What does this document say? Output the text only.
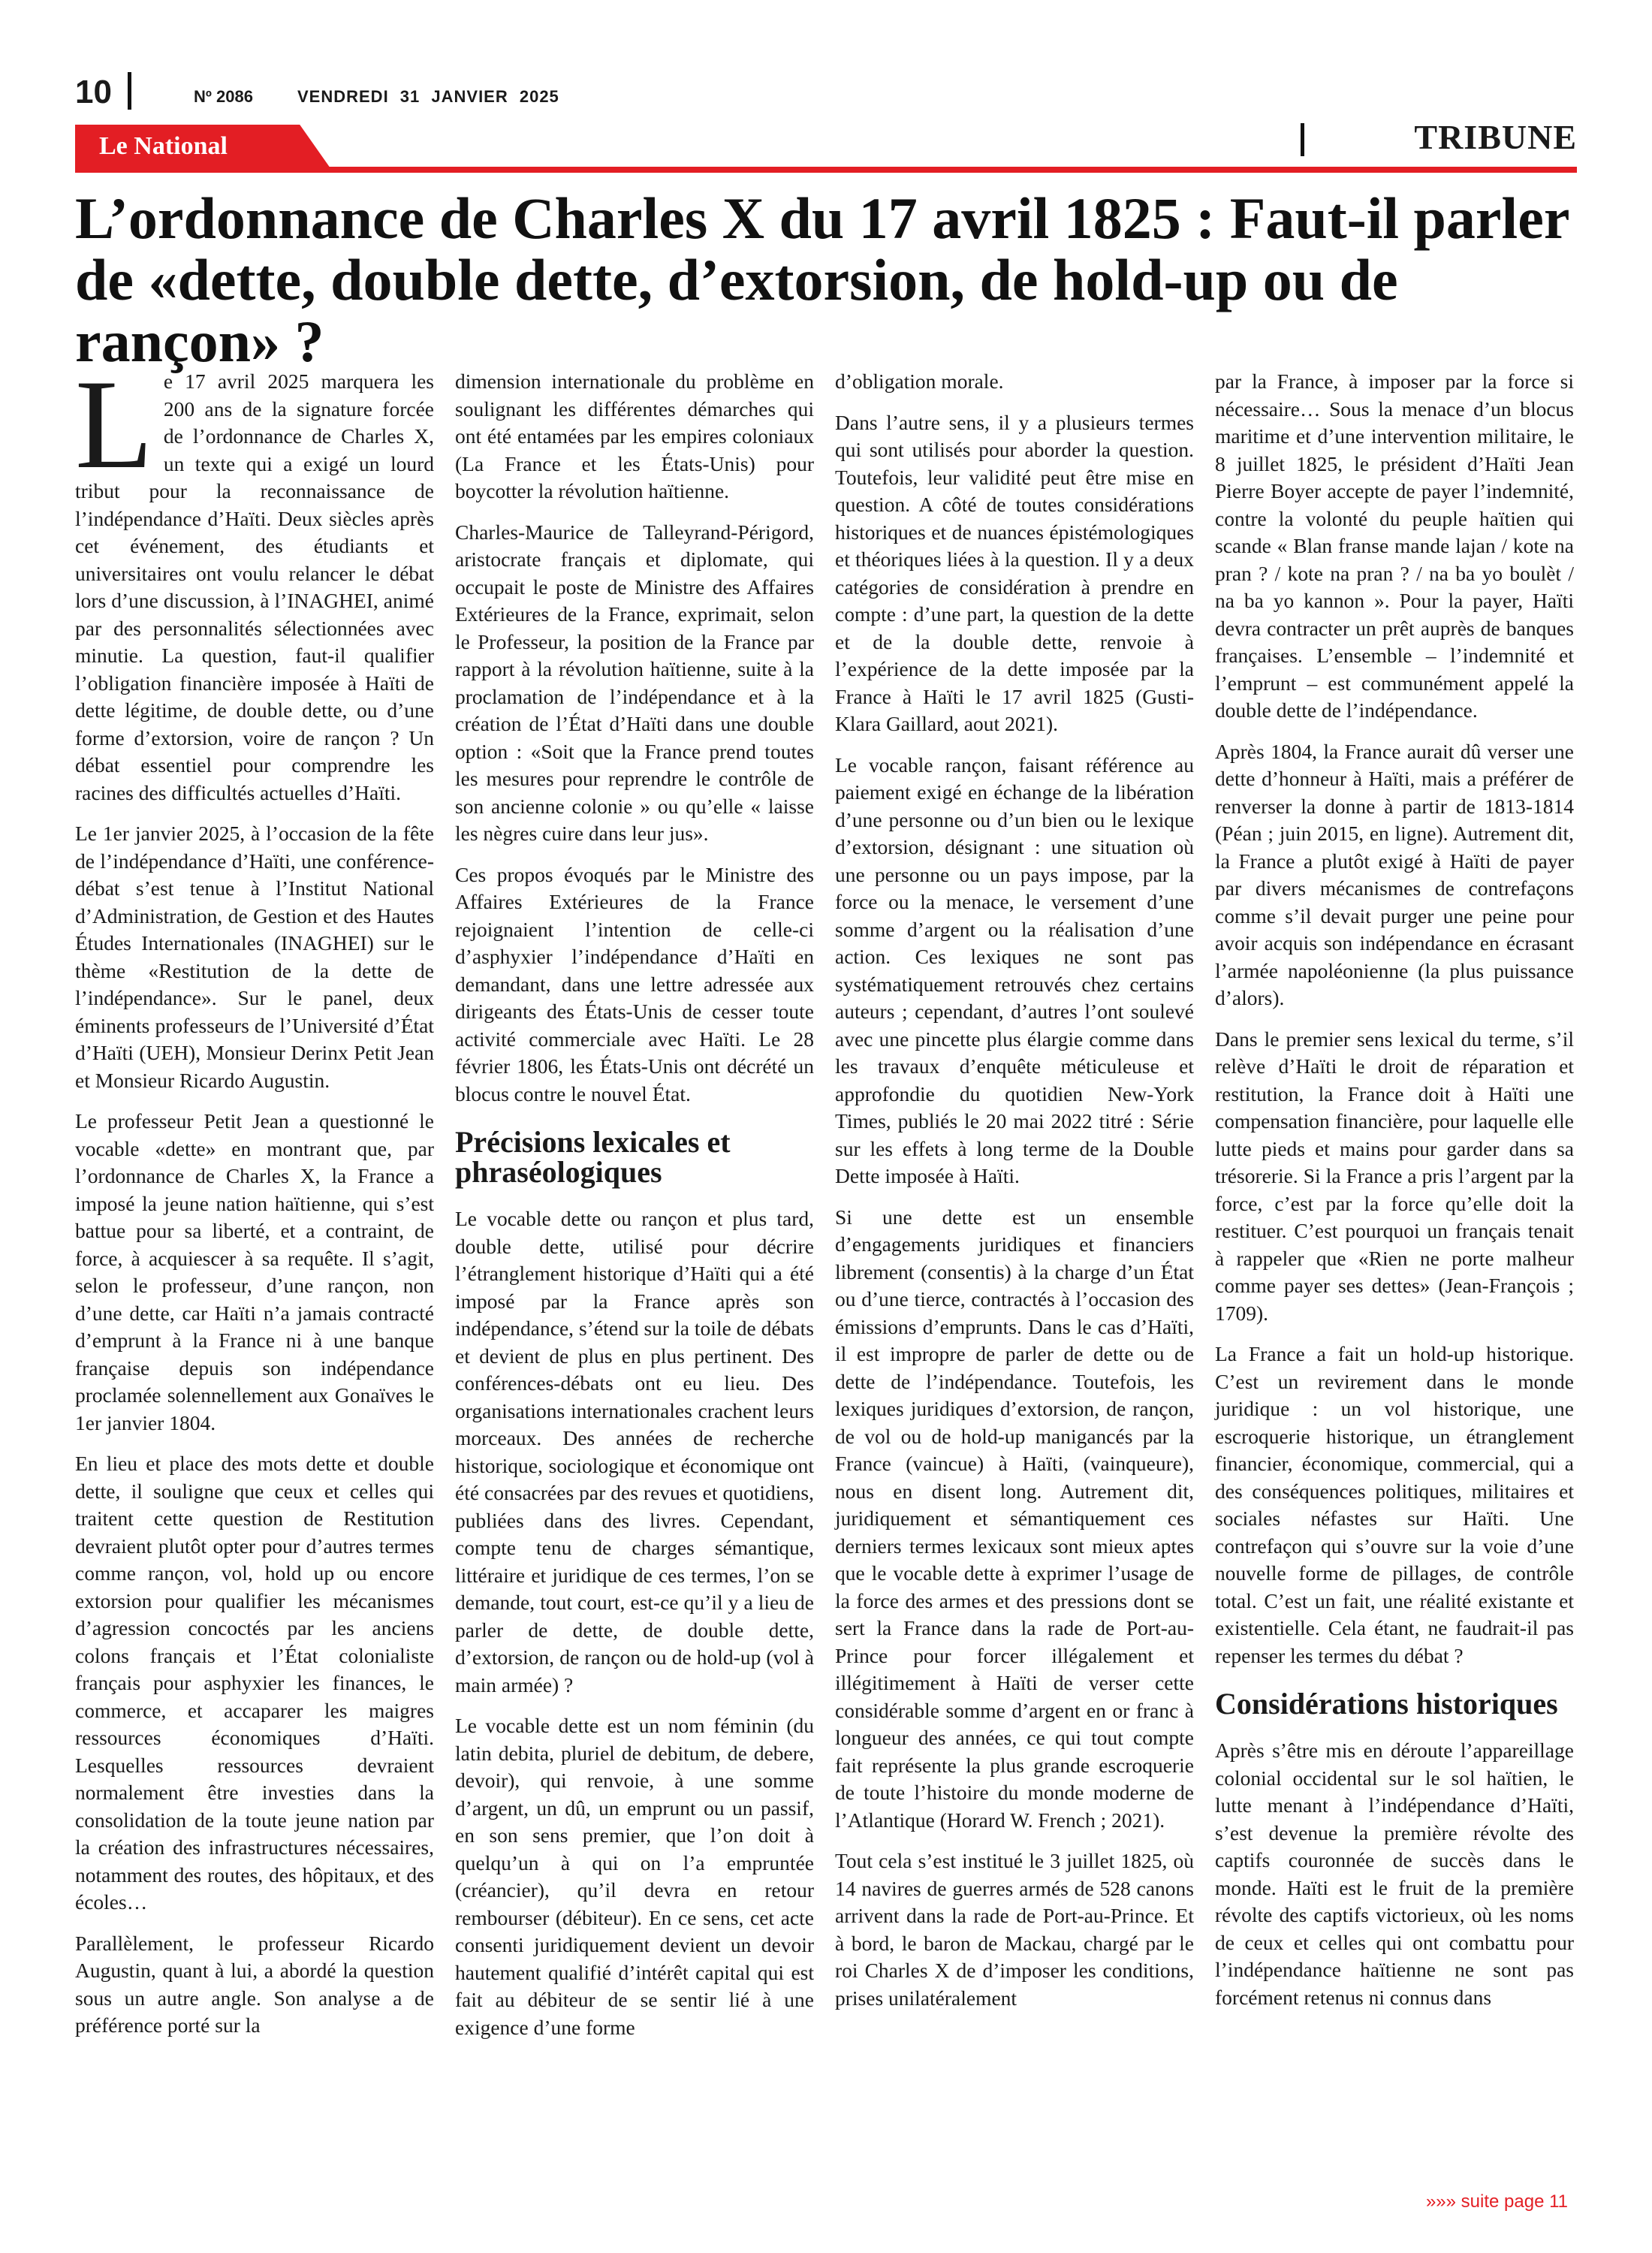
10	Nº 2086	VENDREDI 31 JANVIER 2025
Le National	TRIBUNE
L’ordonnance de Charles X du 17 avril 1825 : Faut-il parler de «dette, double dette, d’extorsion, de hold-up ou de rançon» ?

Le 17 avril 2025 marquera les 200 ans de la signature forcée de l’ordonnance de Charles X, un texte qui a exigé un lourd tribut pour la reconnaissance de l’indépendance d’Haïti. Deux siècles après cet événement, des étudiants et universitaires ont voulu relancer le débat lors d’une discussion, à l’INAGHEI, animé par des personnalités sélectionnées avec minutie. La question, faut-il qualifier l’obligation financière imposée à Haïti de dette légitime, de double dette, ou d’une forme d’extorsion, voire de rançon ? Un débat essentiel pour comprendre les racines des difficultés actuelles d’Haïti.

Le 1er janvier 2025, à l’occasion de la fête de l’indépendance d’Haïti, une conférence-débat s’est tenue à l’Institut National d’Administration, de Gestion et des Hautes Études Internationales (INAGHEI) sur le thème «Restitution de la dette de l’indépendance». Sur le panel, deux éminents professeurs de l’Université d’État d’Haïti (UEH), Monsieur Derinx Petit Jean et Monsieur Ricardo Augustin.

Le professeur Petit Jean a questionné le vocable «dette» en montrant que, par l’ordonnance de Charles X, la France a imposé la jeune nation haïtienne, qui s’est battue pour sa liberté, et a contraint, de force, à acquiescer à sa requête. Il s’agit, selon le professeur, d’une rançon, non d’une dette, car Haïti n’a jamais contracté d’emprunt à la France ni à une banque française depuis son indépendance proclamée solennellement aux Gonaïves le 1er janvier 1804.

En lieu et place des mots dette et double dette, il souligne que ceux et celles qui traitent cette question de Restitution devraient plutôt opter pour d’autres termes comme rançon, vol, hold up ou encore extorsion pour qualifier les mécanismes d’agression concoctés par les anciens colons français et l’État colonialiste français pour asphyxier les finances, le commerce, et accaparer les maigres ressources économiques d’Haïti. Lesquelles ressources devraient normalement être investies dans la consolidation de la toute jeune nation par la création des infrastructures nécessaires, notamment des routes, des hôpitaux, et des écoles…

Parallèlement, le professeur Ricardo Augustin, quant à lui, a abordé la question sous un autre angle. Son analyse a de préférence porté sur la

dimension internationale du problème en soulignant les différentes démarches qui ont été entamées par les empires coloniaux (La France et les États-Unis) pour boycotter la révolution haïtienne.

Charles-Maurice de Talleyrand-Périgord, aristocrate français et diplomate, qui occupait le poste de Ministre des Affaires Extérieures de la France, exprimait, selon le Professeur, la position de la France par rapport à la révolution haïtienne, suite à la proclamation de l’indépendance et à la création de l’État d’Haïti dans une double option : «Soit que la France prend toutes les mesures pour reprendre le contrôle de son ancienne colonie » ou qu’elle « laisse les nègres cuire dans leur jus».

Ces propos évoqués par le Ministre des Affaires Extérieures de la France rejoignaient l’intention de celle-ci d’asphyxier l’indépendance d’Haïti en demandant, dans une lettre adressée aux dirigeants des États-Unis de cesser toute activité commerciale avec Haïti. Le 28 février 1806, les États-Unis ont décrété un blocus contre le nouvel État.

Précisions lexicales et phraséologiques

Le vocable dette ou rançon et plus tard, double dette, utilisé pour décrire l’étranglement historique d’Haïti qui a été imposé par la France après son indépendance, s’étend sur la toile de débats et devient de plus en plus pertinent. Des conférences-débats ont eu lieu. Des organisations internationales crachent leurs morceaux. Des années de recherche historique, sociologique et économique ont été consacrées par des revues et quotidiens, publiées dans des livres. Cependant, compte tenu de charges sémantique, littéraire et juridique de ces termes, l’on se demande, tout court, est-ce qu’il y a lieu de parler de dette, de double dette, d’extorsion, de rançon ou de hold-up (vol à main armée) ?

Le vocable dette est un nom féminin (du latin debita, pluriel de debitum, de debere, devoir), qui renvoie, à une somme d’argent, un dû, un emprunt ou un passif, en son sens premier, que l’on doit à quelqu’un à qui on l’a empruntée (créancier), qu’il devra en retour rembourser (débiteur). En ce sens, cet acte consenti juridiquement devient un devoir hautement qualifié d’intérêt capital qui est fait au débiteur de se sentir lié à une exigence d’une forme

d’obligation morale.

Dans l’autre sens, il y a plusieurs termes qui sont utilisés pour aborder la question. Toutefois, leur validité peut être mise en question. A côté de toutes considérations historiques et de nuances épistémologiques et théoriques liées à la question. Il y a deux catégories de considération à prendre en compte : d’une part, la question de la dette et de la double dette, renvoie à l’expérience de la dette imposée par la France à Haïti le 17 avril 1825 (Gusti-Klara Gaillard, aout 2021).

Le vocable rançon, faisant référence au paiement exigé en échange de la libération d’une personne ou d’un bien ou le lexique d’extorsion, désignant : une situation où une personne ou un pays impose, par la force ou la menace, le versement d’une somme d’argent ou la réalisation d’une action. Ces lexiques ne sont pas systématiquement retrouvés chez certains auteurs ; cependant, d’autres l’ont soulevé avec une pincette plus élargie comme dans les travaux d’enquête méticuleuse et approfondie du quotidien New-York Times, publiés le 20 mai 2022 titré : Série sur les effets à long terme de la Double Dette imposée à Haïti.

Si une dette est un ensemble d’engagements juridiques et financiers librement (consentis) à la charge d’un État ou d’une tierce, contractés à l’occasion des émissions d’emprunts. Dans le cas d’Haïti, il est impropre de parler de dette ou de dette de l’indépendance. Toutefois, les lexiques juridiques d’extorsion, de rançon, de vol ou de hold-up manigancés par la France (vaincue) à Haïti, (vainqueure), nous en disent long. Autrement dit, juridiquement et sémantiquement ces derniers termes lexicaux sont mieux aptes que le vocable dette à exprimer l’usage de la force des armes et des pressions dont se sert la France dans la rade de Port-au-Prince pour forcer illégalement et illégitimement à Haïti de verser cette considérable somme d’argent en or franc à longueur des années, ce qui tout compte fait représente la plus grande escroquerie de toute l’histoire du monde moderne de l’Atlantique (Horard W. French ; 2021).

Tout cela s’est institué le 3 juillet 1825, où 14 navires de guerres armés de 528 canons arrivent dans la rade de Port-au-Prince. Et à bord, le baron de Mackau, chargé par le roi Charles X de d’imposer les conditions, prises unilatéralement

par la France, à imposer par la force si nécessaire… Sous la menace d’un blocus maritime et d’une intervention militaire, le 8 juillet 1825, le président d’Haïti Jean Pierre Boyer accepte de payer l’indemnité, contre la volonté du peuple haïtien qui scande « Blan franse mande lajan / kote na pran ? / kote na pran ? / na ba yo boulèt / na ba yo kannon ». Pour la payer, Haïti devra contracter un prêt auprès de banques françaises. L’ensemble – l’indemnité et l’emprunt – est communément appelé la double dette de l’indépendance.

Après 1804, la France aurait dû verser une dette d’honneur à Haïti, mais a préférer de renverser la donne à partir de 1813-1814 (Péan ; juin 2015, en ligne). Autrement dit, la France a plutôt exigé à Haïti de payer par divers mécanismes de contrefaçons comme s’il devait purger une peine pour avoir acquis son indépendance en écrasant l’armée napoléonienne (la plus puissance d’alors).

Dans le premier sens lexical du terme, s’il relève d’Haïti le droit de réparation et restitution, la France doit à Haïti une compensation financière, pour laquelle elle lutte pieds et mains pour garder dans sa trésorerie. Si la France a pris l’argent par la force, c’est par la force qu’elle doit la restituer. C’est pourquoi un français tenait à rappeler que «Rien ne porte malheur comme payer ses dettes» (Jean-François ; 1709).

La France a fait un hold-up historique. C’est un revirement dans le monde juridique : un vol historique, une escroquerie historique, un étranglement financier, économique, commercial, qui a des conséquences politiques, militaires et sociales néfastes sur Haïti. Une contrefaçon qui s’ouvre sur la voie d’une nouvelle forme de pillages, de contrôle total. C’est un fait, une réalité existante et existentielle. Cela étant, ne faudrait-il pas repenser les termes du débat ?

Considérations historiques

Après s’être mis en déroute l’appareillage colonial occidental sur le sol haïtien, le lutte menant à l’indépendance d’Haïti, s’est devenue la première révolte des captifs couronnée de succès dans le monde. Haïti est le fruit de la première révolte des captifs victorieux, où les noms de ceux et celles qui ont combattu pour l’indépendance haïtienne ne sont pas forcément retenus ni connus dans

»»» suite page 11
